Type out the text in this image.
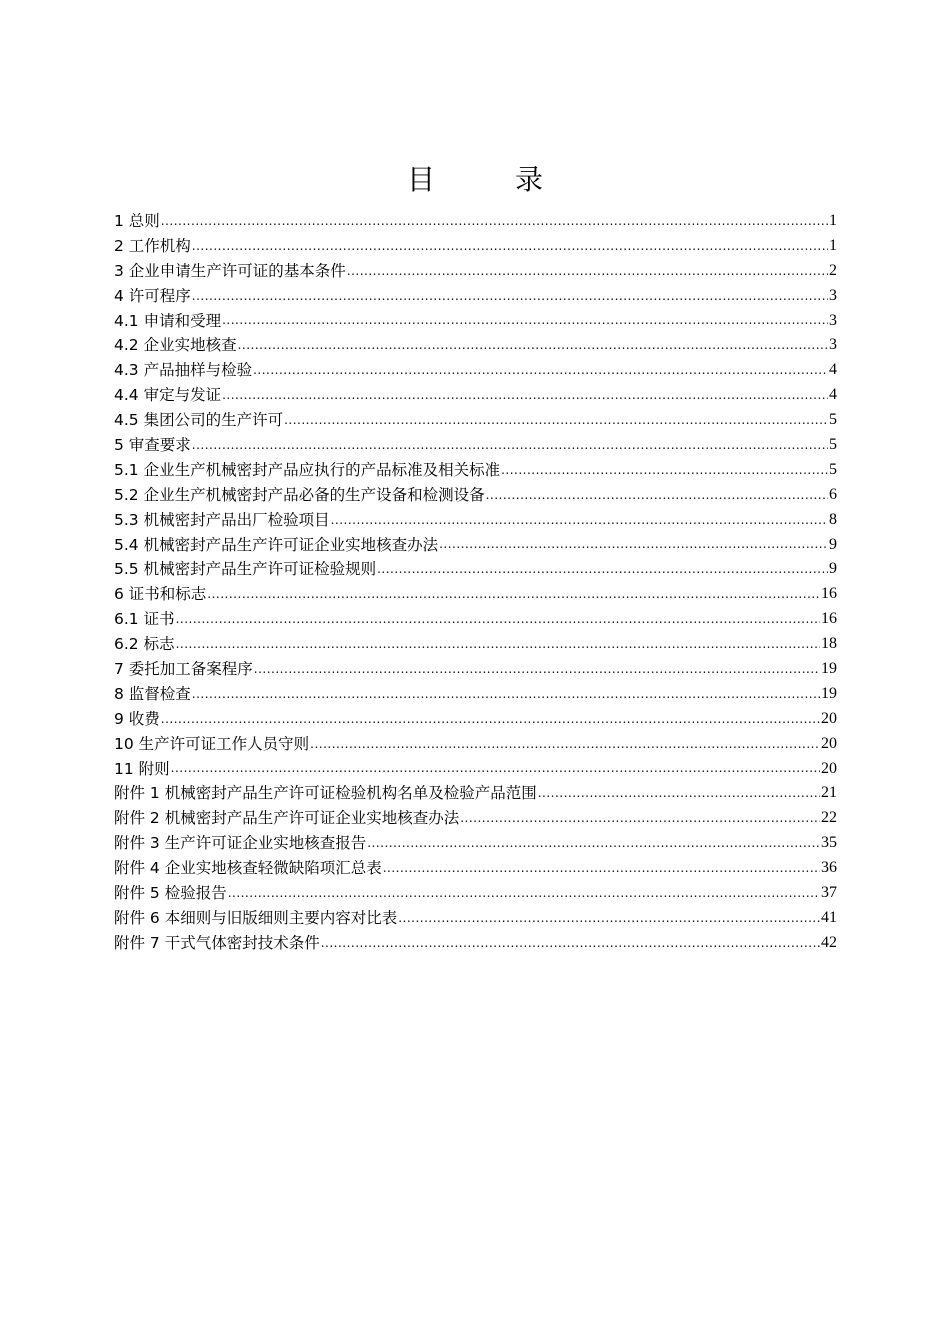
目　录
1 总则 .....	1
2 工作机构 .....	1
3 企业申请生产许可证的基本条件 .....	2
4 许可程序 .....	3
4.1 申请和受理 .....	3
4.2 企业实地核查 .....	3
4.3 产品抽样与检验 .....	4
4.4 审定与发证 .....	4
4.5 集团公司的生产许可 .....	5
5 审查要求 .....	5
5.1 企业生产机械密封产品应执行的产品标准及相关标准 .....	5
5.2 企业生产机械密封产品必备的生产设备和检测设备 .....	6
5.3 机械密封产品出厂检验项目 .....	8
5.4 机械密封产品生产许可证企业实地核查办法 .....	9
5.5 机械密封产品生产许可证检验规则 .....	9
6 证书和标志 .....	16
6.1 证书 .....	16
6.2 标志 .....	18
7 委托加工备案程序 .....	19
8 监督检查 .....	19
9 收费 .....	20
10 生产许可证工作人员守则 .....	20
11 附则 .....	20
附件 1 机械密封产品生产许可证检验机构名单及检验产品范围 .....	21
附件 2 机械密封产品生产许可证企业实地核查办法 .....	22
附件 3 生产许可证企业实地核查报告 .....	35
附件 4 企业实地核查轻微缺陷项汇总表 .....	36
附件 5 检验报告 .....	37
附件 6 本细则与旧版细则主要内容对比表 .....	41
附件 7 干式气体密封技术条件 .....	42
